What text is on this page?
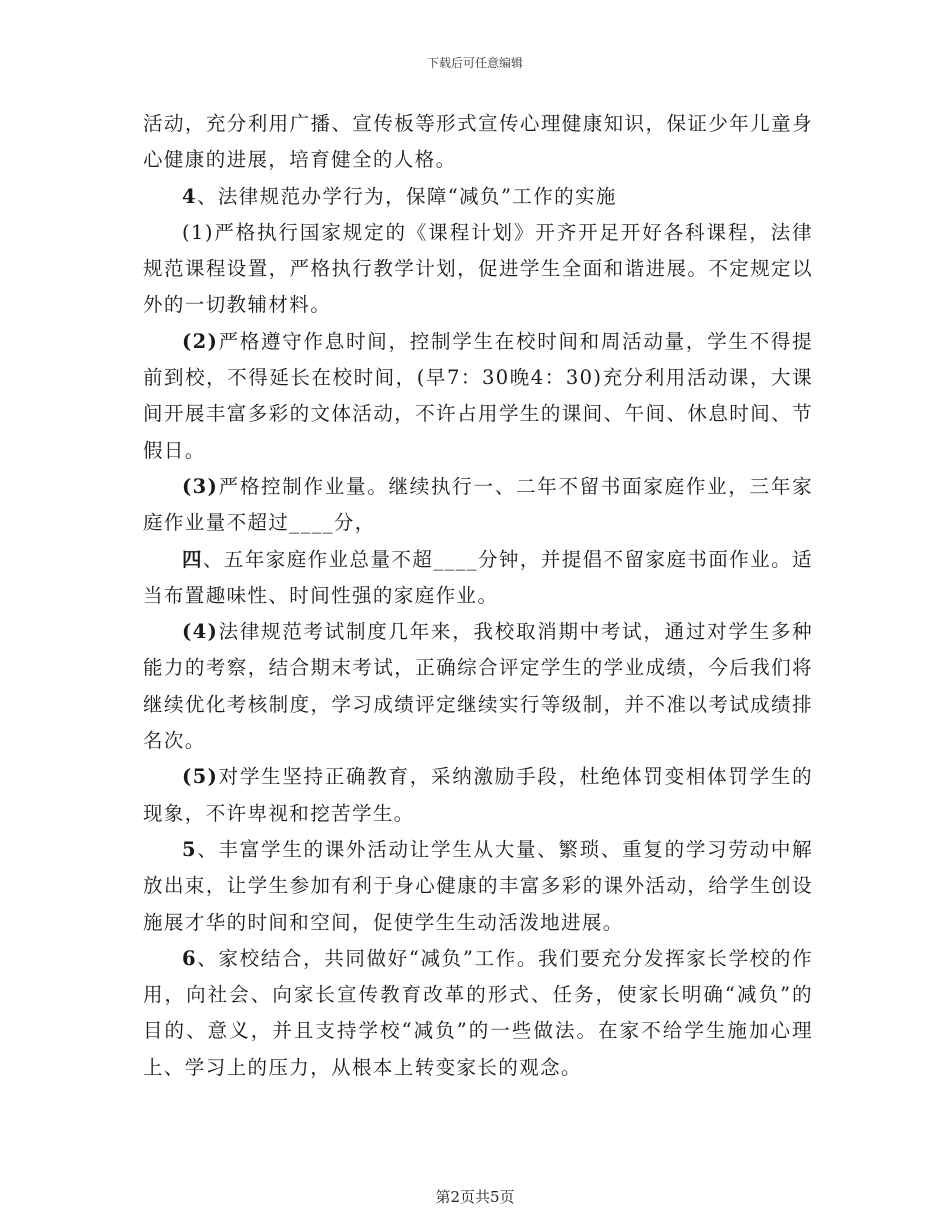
下载后可任意编辑

活动，充分利用广播、宣传板等形式宣传心理健康知识，保证少年儿童身心健康的进展，培育健全的人格。

4、法律规范办学行为，保障“减负”工作的实施

(1)严格执行国家规定的《课程计划》开齐开足开好各科课程，法律规范课程设置，严格执行教学计划，促进学生全面和谐进展。不定规定以外的一切教辅材料。

(2)严格遵守作息时间，控制学生在校时间和周活动量，学生不得提前到校，不得延长在校时间，(早7：30晚4：30)充分利用活动课，大课间开展丰富多彩的文体活动，不许占用学生的课间、午间、休息时间、节假日。

(3)严格控制作业量。继续执行一、二年不留书面家庭作业，三年家庭作业量不超过____分，

四、五年家庭作业总量不超____分钟，并提倡不留家庭书面作业。适当布置趣味性、时间性强的家庭作业。

(4)法律规范考试制度几年来，我校取消期中考试，通过对学生多种能力的考察，结合期末考试，正确综合评定学生的学业成绩，今后我们将继续优化考核制度，学习成绩评定继续实行等级制，并不准以考试成绩排名次。

(5)对学生坚持正确教育，采纳激励手段，杜绝体罚变相体罚学生的现象，不许卑视和挖苦学生。

5、丰富学生的课外活动让学生从大量、繁琐、重复的学习劳动中解放出束，让学生参加有利于身心健康的丰富多彩的课外活动，给学生创设施展才华的时间和空间，促使学生生动活泼地进展。

6、家校结合，共同做好“减负”工作。我们要充分发挥家长学校的作用，向社会、向家长宣传教育改革的形式、任务，使家长明确“减负”的目的、意义，并且支持学校“减负”的一些做法。在家不给学生施加心理上、学习上的压力，从根本上转变家长的观念。

第2页共5页
